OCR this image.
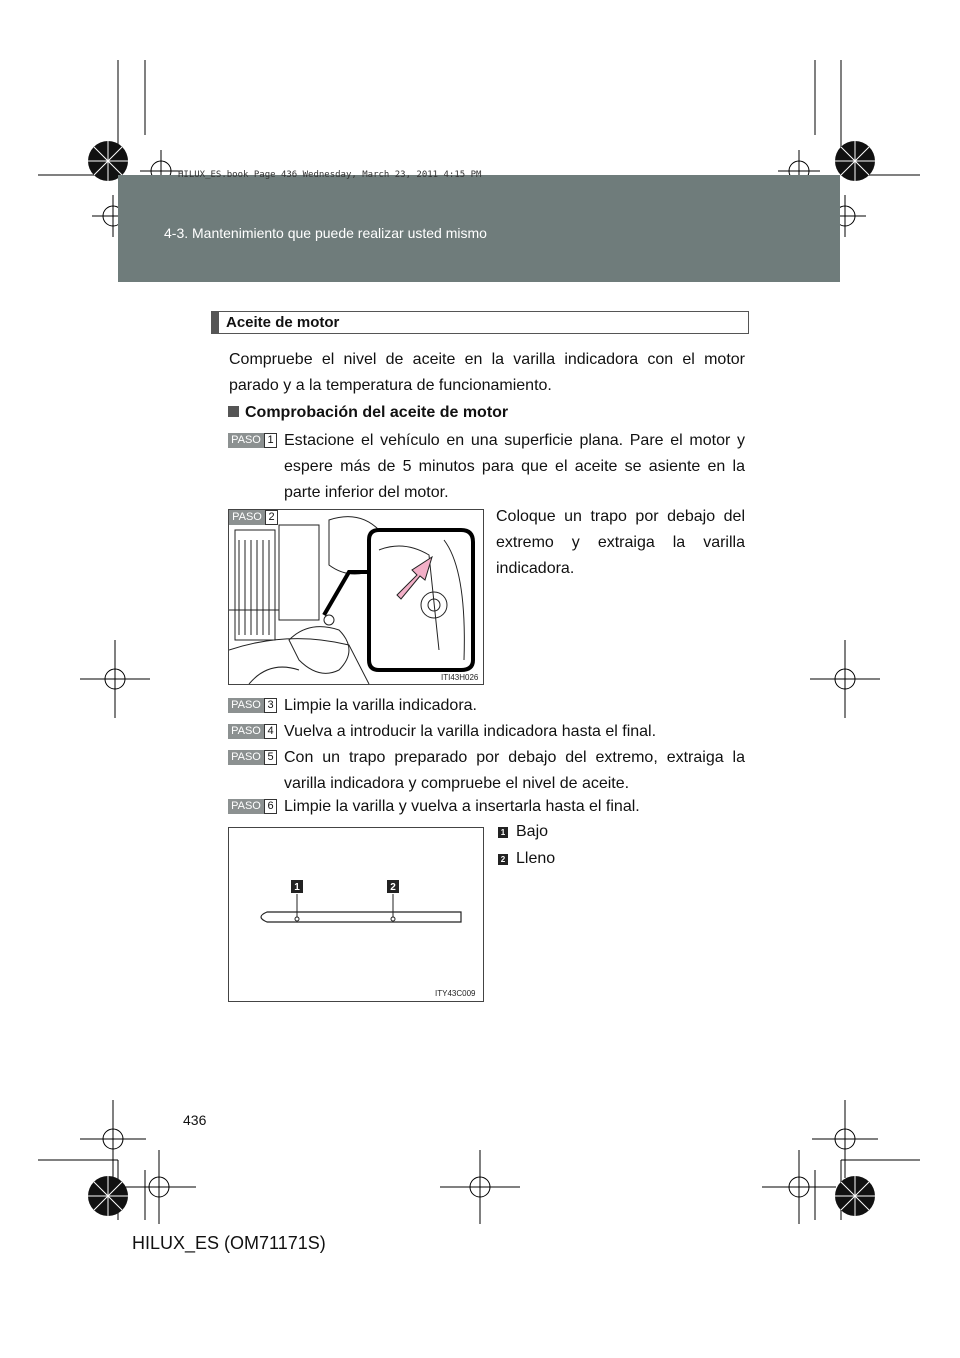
4-3. Mantenimiento que puede realizar usted mismo
HILUX_ES.book Page 436 Wednesday, March 23, 2011 4:15 PM
Aceite de motor
Compruebe el nivel de aceite en la varilla indicadora con el motor parado y a la temperatura de funcionamiento.
Comprobación del aceite de motor
PASO 1 Estacione el vehículo en una superficie plana. Pare el motor y espere más de 5 minutos para que el aceite se asiente en la parte inferior del motor.
ITI43H026
PASO 2	Coloque un trapo por debajo del extremo y extraiga la varilla indicadora.
PASO 3 Limpie la varilla indicadora.
PASO 4 Vuelva a introducir la varilla indicadora hasta el final.
PASO 5 Con un trapo preparado por debajo del extremo, extraiga la varilla indicadora y compruebe el nivel de aceite.
PASO 6 Limpie la varilla y vuelva a insertarla hasta el final.
1	2
ITY43C009
1 Bajo
2 Lleno
436
HILUX_ES (OM71171S)
